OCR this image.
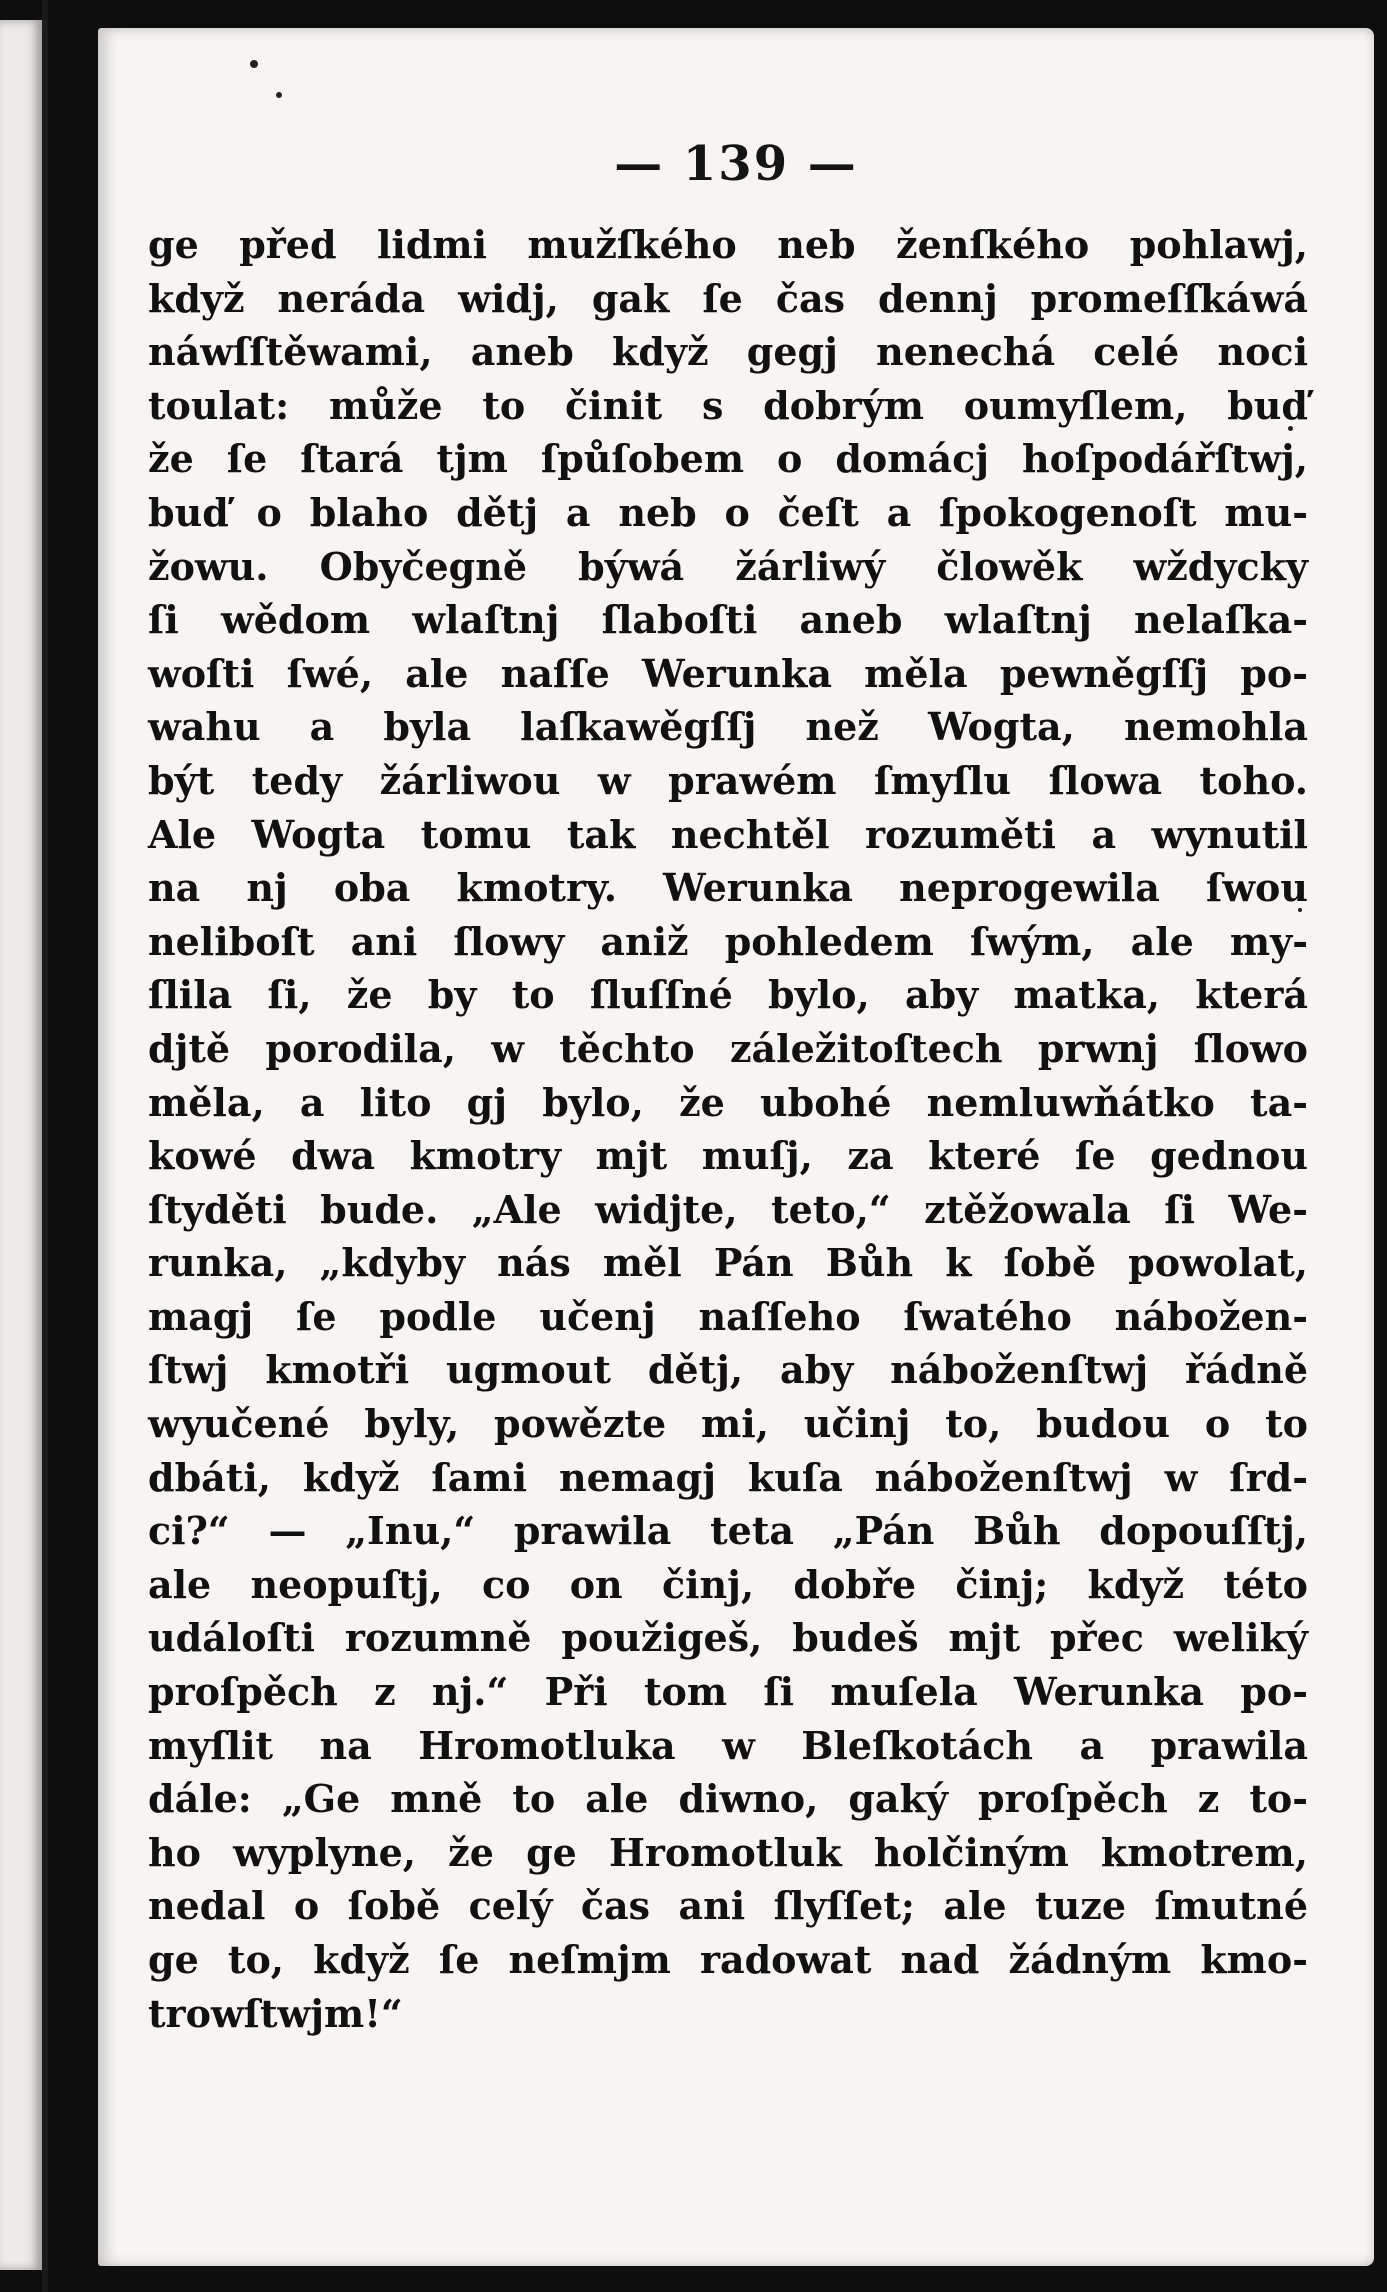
— 139 —
ge před lidmi mužſkého neb ženſkého pohlawj,
když neráda widj, gak ſe čas dennj promeſſkáwá
náwſſtěwami, aneb když gegj nenechá celé noci
toulat: může to činit s dobrým oumyſlem, buď
že ſe ſtará tjm ſpůſobem o domácj hoſpodářſtwj,
buď o blaho dětj a neb o čeſt a ſpokogenoſt mu-
žowu. Obyčegně býwá žárliwý člowěk wždycky
ſi wědom wlaſtnj ſlaboſti aneb wlaſtnj nelaſka-
woſti ſwé, ale naſſe Werunka měla pewněgſſj po-
wahu a byla laſkawěgſſj než Wogta, nemohla
být tedy žárliwou w prawém ſmyſlu ſlowa toho.
Ale Wogta tomu tak nechtěl rozuměti a wynutil
na nj oba kmotry. Werunka neprogewila ſwou
neliboſt ani ſlowy aniž pohledem ſwým, ale my-
ſlila ſi, že by to ſluſſné bylo, aby matka, která
djtě porodila, w těchto záležitoſtech prwnj ſlowo
měla, a lito gj bylo, že ubohé nemluwňátko ta-
kowé dwa kmotry mjt muſj, za které ſe gednou
ſtyděti bude. „Ale widjte, teto,“ ztěžowala ſi We-
runka, „kdyby nás měl Pán Bůh k ſobě powolat,
magj ſe podle učenj naſſeho ſwatého nábožen-
ſtwj kmotři ugmout dětj, aby náboženſtwj řádně
wyučené byly, powězte mi, učinj to, budou o to
dbáti, když ſami nemagj kuſa náboženſtwj w ſrd-
ci?“ — „Inu,“ prawila teta „Pán Bůh dopouſſtj,
ale neopuſtj, co on činj, dobře činj; když této
událoſti rozumně použigeš, budeš mjt přec weliký
proſpěch z nj.“ Při tom ſi muſela Werunka po-
myſlit na Hromotluka w Bleſkotách a prawila
dále: „Ge mně to ale diwno, gaký proſpěch z to-
ho wyplyne, že ge Hromotluk holčiným kmotrem,
nedal o ſobě celý čas ani ſlyſſet; ale tuze ſmutné
ge to, když ſe neſmjm radowat nad žádným kmo-
trowſtwjm!“
